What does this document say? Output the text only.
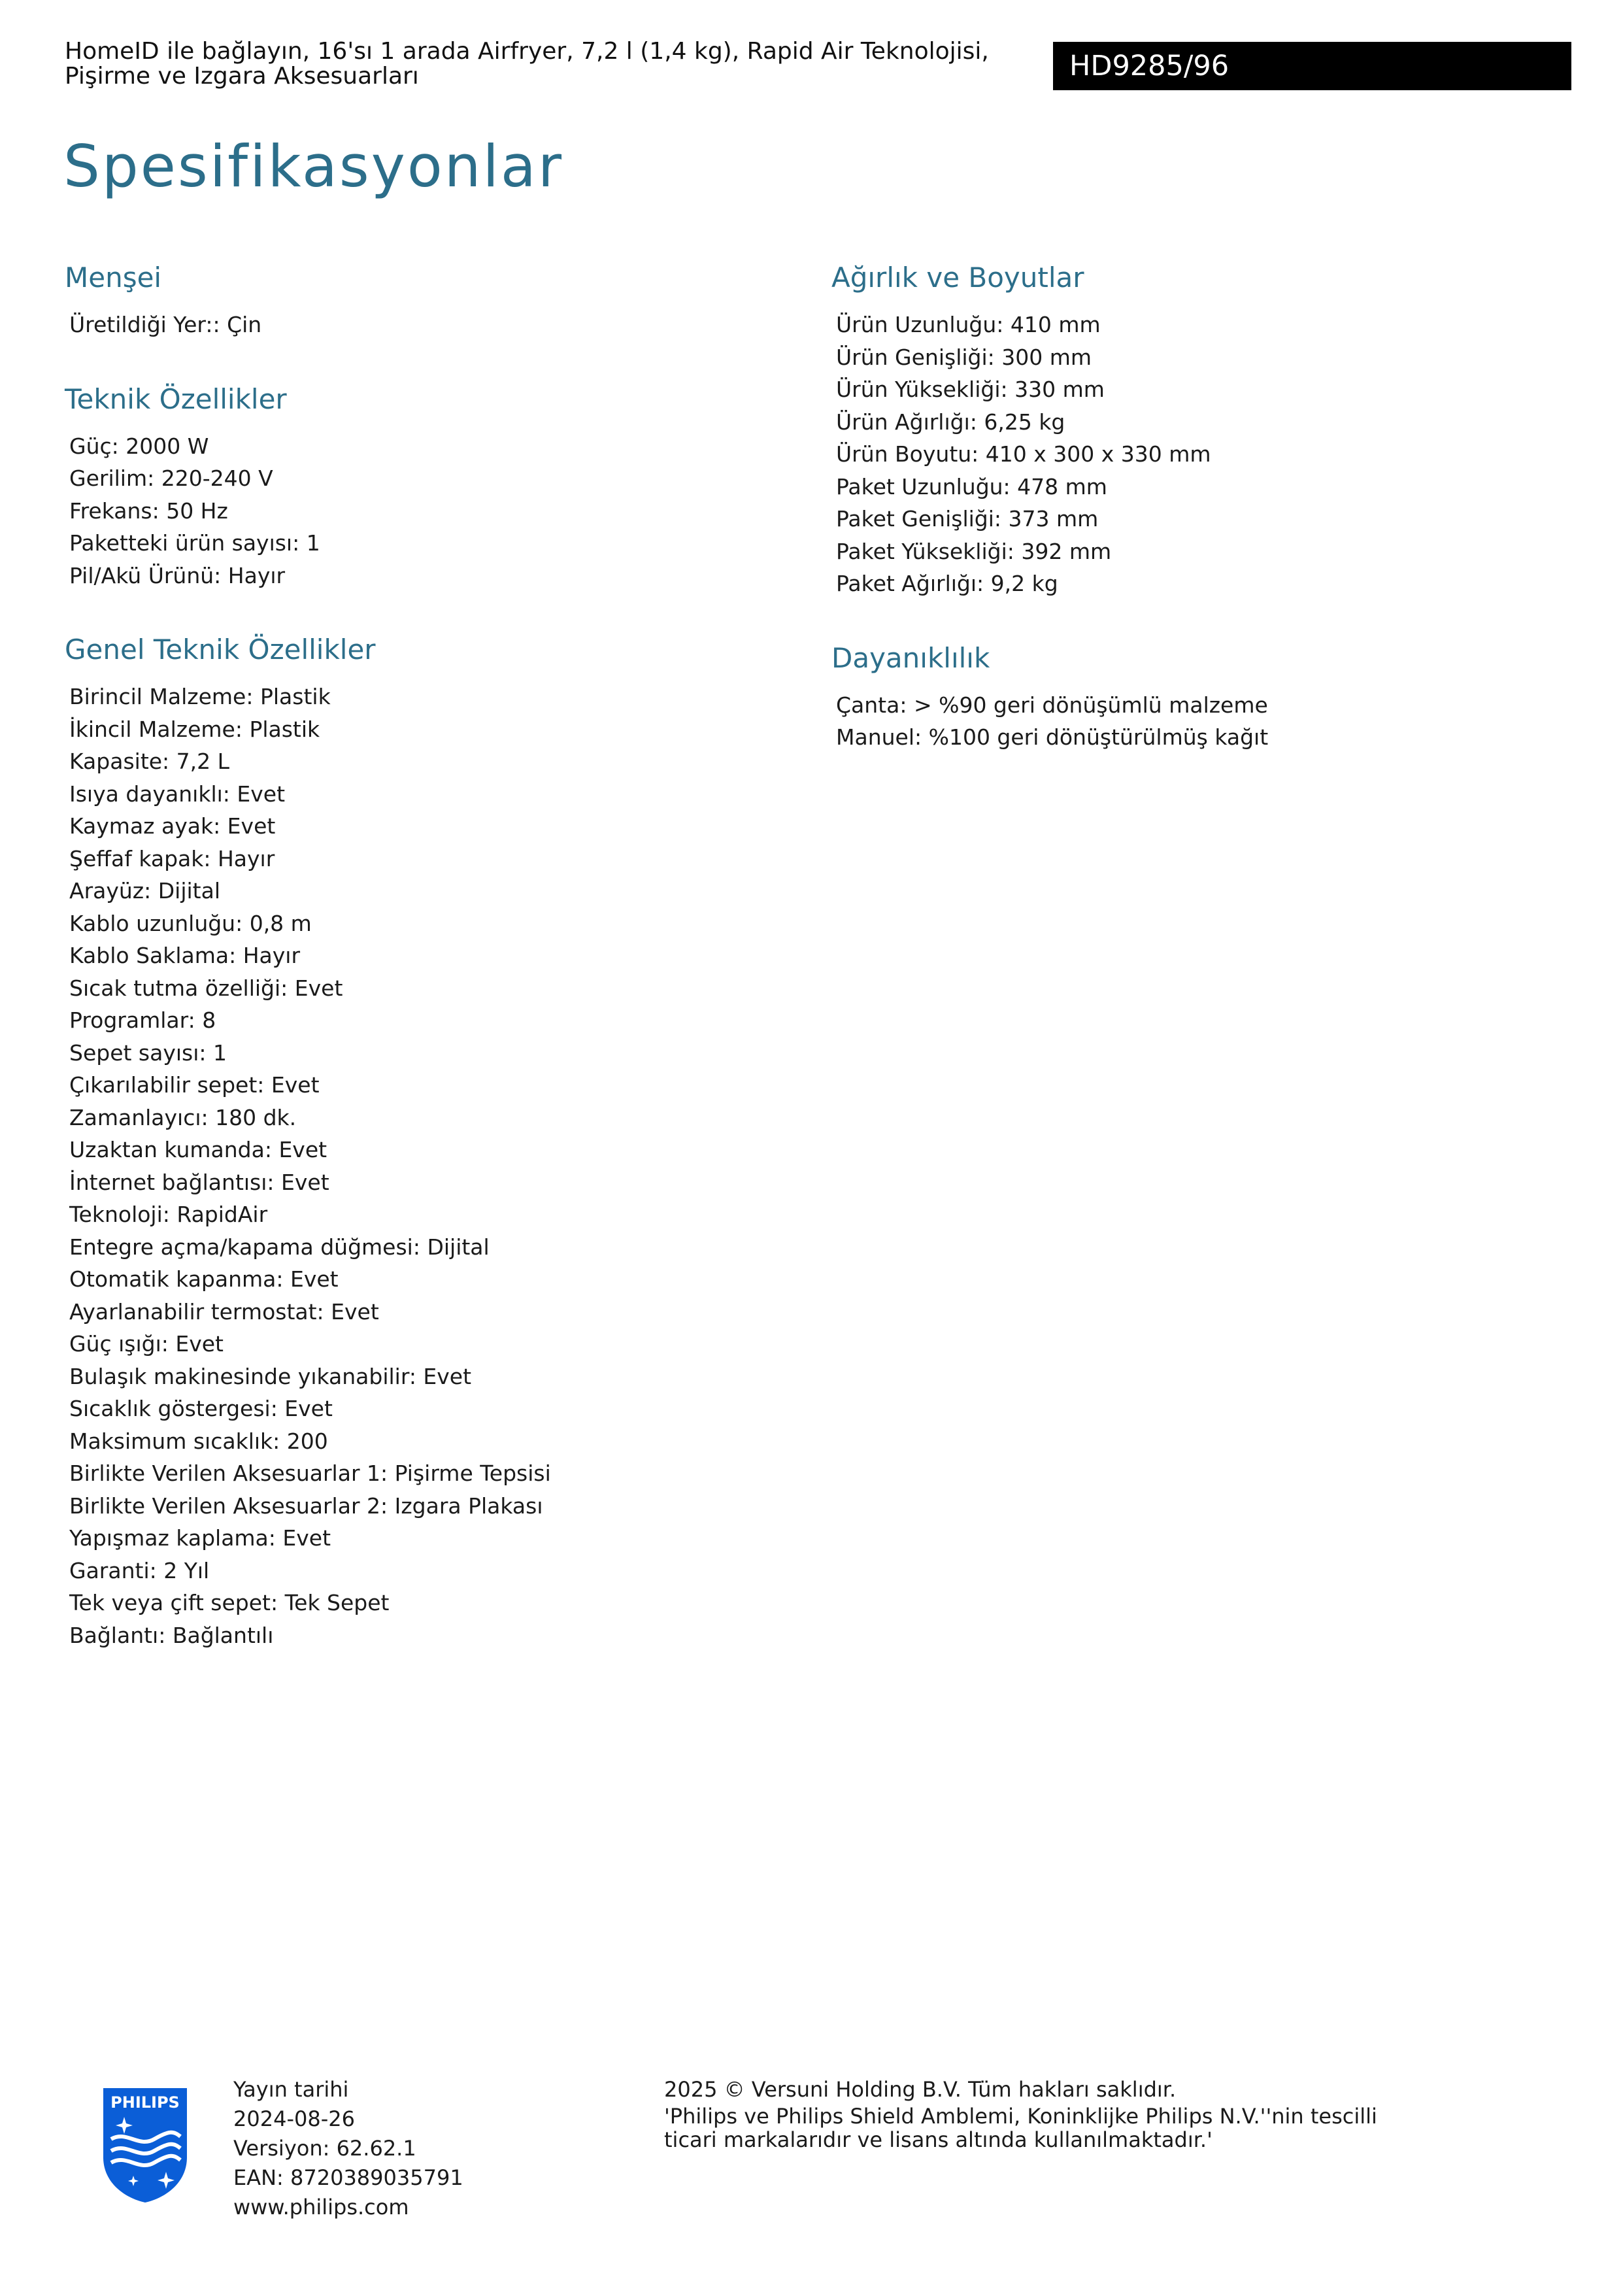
HomeID ile bağlayın, 16'sı 1 arada Airfryer, 7,2 l (1,4 kg), Rapid Air Teknolojisi,
Pişirme ve Izgara Aksesuarları	HD9285/96
Spesifikasyonlar
Menşei
Üretildiği Yer:: Çin
Teknik Özellikler
Güç: 2000 W
Gerilim: 220-240 V
Frekans: 50 Hz
Paketteki ürün sayısı: 1
Pil/Akü Ürünü: Hayır
Genel Teknik Özellikler
Birincil Malzeme: Plastik
İkincil Malzeme: Plastik
Kapasite: 7,2 L
Isıya dayanıklı: Evet
Kaymaz ayak: Evet
Şeffaf kapak: Hayır
Arayüz: Dijital
Kablo uzunluğu: 0,8 m
Kablo Saklama: Hayır
Sıcak tutma özelliği: Evet
Programlar: 8
Sepet sayısı: 1
Çıkarılabilir sepet: Evet
Zamanlayıcı: 180 dk.
Uzaktan kumanda: Evet
İnternet bağlantısı: Evet
Teknoloji: RapidAir
Entegre açma/kapama düğmesi: Dijital
Otomatik kapanma: Evet
Ayarlanabilir termostat: Evet
Güç ışığı: Evet
Bulaşık makinesinde yıkanabilir: Evet
Sıcaklık göstergesi: Evet
Maksimum sıcaklık: 200
Birlikte Verilen Aksesuarlar 1: Pişirme Tepsisi
Birlikte Verilen Aksesuarlar 2: Izgara Plakası
Yapışmaz kaplama: Evet
Garanti: 2 Yıl
Tek veya çift sepet: Tek Sepet
Bağlantı: Bağlantılı
Ağırlık ve Boyutlar
Ürün Uzunluğu: 410 mm
Ürün Genişliği: 300 mm
Ürün Yüksekliği: 330 mm
Ürün Ağırlığı: 6,25 kg
Ürün Boyutu: 410 x 300 x 330 mm
Paket Uzunluğu: 478 mm
Paket Genişliği: 373 mm
Paket Yüksekliği: 392 mm
Paket Ağırlığı: 9,2 kg
Dayanıklılık
Çanta: > %90 geri dönüşümlü malzeme
Manuel: %100 geri dönüştürülmüş kağıt
PHILIPS
Yayın tarihi
2024-08-26
Versiyon: 62.62.1
EAN: 8720389035791
www.philips.com
2025 © Versuni Holding B.V. Tüm hakları saklıdır.
'Philips ve Philips Shield Amblemi, Koninklijke Philips N.V.''nin tescilli
ticari markalarıdır ve lisans altında kullanılmaktadır.'
